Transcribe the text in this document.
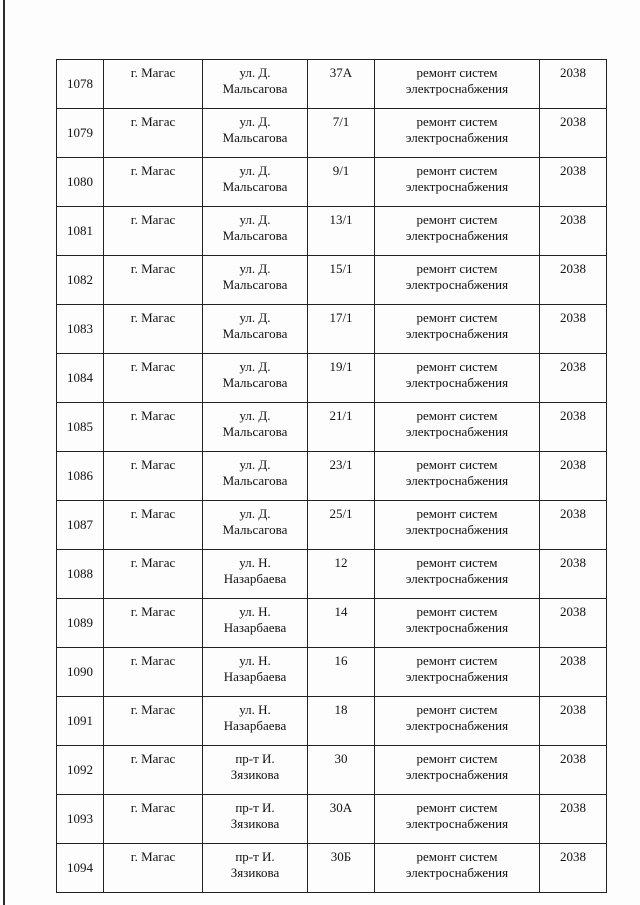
1078	г. Магас	ул. Д.
Мальсагова	37А	ремонт систем
электроснабжения	2038
1079	г. Магас	ул. Д.
Мальсагова	7/1	ремонт систем
электроснабжения	2038
1080	г. Магас	ул. Д.
Мальсагова	9/1	ремонт систем
электроснабжения	2038
1081	г. Магас	ул. Д.
Мальсагова	13/1	ремонт систем
электроснабжения	2038
1082	г. Магас	ул. Д.
Мальсагова	15/1	ремонт систем
электроснабжения	2038
1083	г. Магас	ул. Д.
Мальсагова	17/1	ремонт систем
электроснабжения	2038
1084	г. Магас	ул. Д.
Мальсагова	19/1	ремонт систем
электроснабжения	2038
1085	г. Магас	ул. Д.
Мальсагова	21/1	ремонт систем
электроснабжения	2038
1086	г. Магас	ул. Д.
Мальсагова	23/1	ремонт систем
электроснабжения	2038
1087	г. Магас	ул. Д.
Мальсагова	25/1	ремонт систем
электроснабжения	2038
1088	г. Магас	ул. Н.
Назарбаева	12	ремонт систем
электроснабжения	2038
1089	г. Магас	ул. Н.
Назарбаева	14	ремонт систем
электроснабжения	2038
1090	г. Магас	ул. Н.
Назарбаева	16	ремонт систем
электроснабжения	2038
1091	г. Магас	ул. Н.
Назарбаева	18	ремонт систем
электроснабжения	2038
1092	г. Магас	пр-т И.
Зязикова	30	ремонт систем
электроснабжения	2038
1093	г. Магас	пр-т И.
Зязикова	30А	ремонт систем
электроснабжения	2038
1094	г. Магас	пр-т И.
Зязикова	30Б	ремонт систем
электроснабжения	2038
